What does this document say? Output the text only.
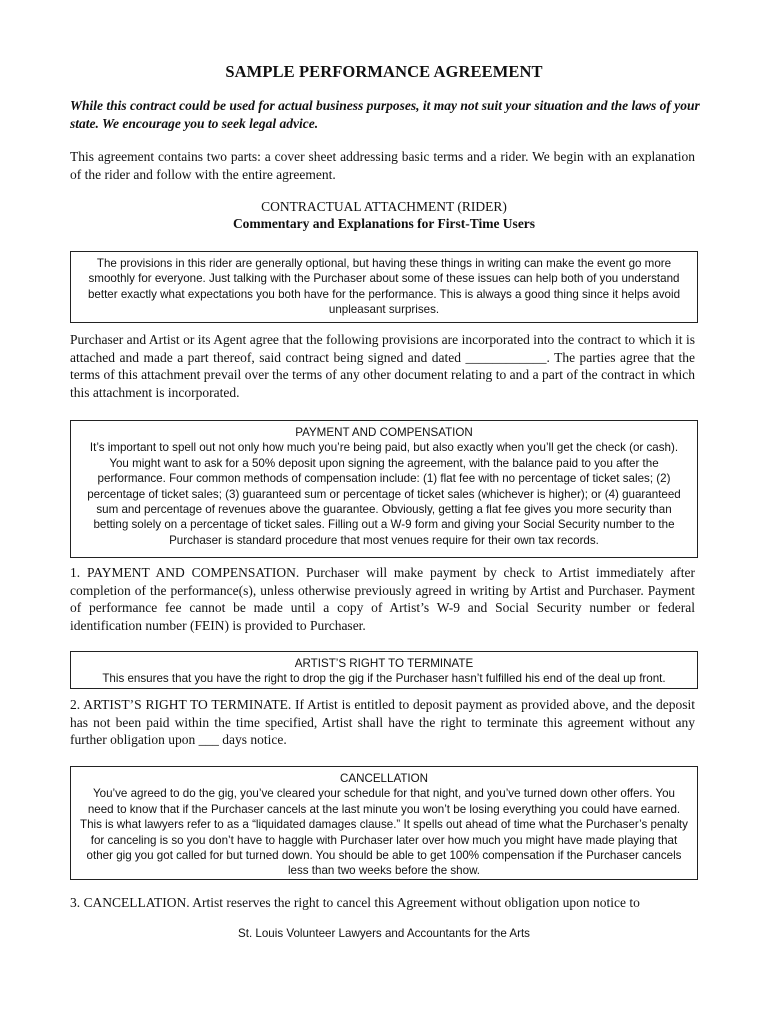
SAMPLE PERFORMANCE AGREEMENT

While this contract could be used for actual business purposes, it may not suit your situation and the laws of your state. We encourage you to seek legal advice.

This agreement contains two parts: a cover sheet addressing basic terms and a rider. We begin with an explanation of the rider and follow with the entire agreement.

CONTRACTUAL ATTACHMENT (RIDER)
Commentary and Explanations for First-Time Users
The provisions in this rider are generally optional, but having these things in writing can make the event go more smoothly for everyone. Just talking with the Purchaser about some of these issues can help both of you understand better exactly what expectations you both have for the performance. This is always a good thing since it helps avoid unpleasant surprises.

Purchaser and Artist or its Agent agree that the following provisions are incorporated into the contract to which it is attached and made a part thereof, said contract being signed and dated ____________. The parties agree that the terms of this attachment prevail over the terms of any other document relating to and a part of the contract in which this attachment is incorporated.

PAYMENT AND COMPENSATION
It’s important to spell out not only how much you’re being paid, but also exactly when you’ll get the check (or cash). You might want to ask for a 50% deposit upon signing the agreement, with the balance paid to you after the performance. Four common methods of compensation include: (1) flat fee with no percentage of ticket sales; (2) percentage of ticket sales; (3) guaranteed sum or percentage of ticket sales (whichever is higher); or (4) guaranteed sum and percentage of revenues above the guarantee. Obviously, getting a flat fee gives you more security than betting solely on a percentage of ticket sales. Filling out a W-9 form and giving your Social Security number to the Purchaser is standard procedure that most venues require for their own tax records.

1. PAYMENT AND COMPENSATION. Purchaser will make payment by check to Artist immediately after completion of the performance(s), unless otherwise previously agreed in writing by Artist and Purchaser. Payment of performance fee cannot be made until a copy of Artist’s W-9 and Social Security number or federal identification number (FEIN) is provided to Purchaser.

ARTIST’S RIGHT TO TERMINATE
This ensures that you have the right to drop the gig if the Purchaser hasn’t fulfilled his end of the deal up front.

2. ARTIST’S RIGHT TO TERMINATE. If Artist is entitled to deposit payment as provided above, and the deposit has not been paid within the time specified, Artist shall have the right to terminate this agreement without any further obligation upon ___ days notice.

CANCELLATION
You’ve agreed to do the gig, you’ve cleared your schedule for that night, and you’ve turned down other offers. You need to know that if the Purchaser cancels at the last minute you won’t be losing everything you could have earned. This is what lawyers refer to as a “liquidated damages clause.” It spells out ahead of time what the Purchaser’s penalty for canceling is so you don’t have to haggle with Purchaser later over how much you might have made playing that other gig you got called for but turned down. You should be able to get 100% compensation if the Purchaser cancels less than two weeks before the show.

3. CANCELLATION. Artist reserves the right to cancel this Agreement without obligation upon notice to

St. Louis Volunteer Lawyers and Accountants for the Arts
